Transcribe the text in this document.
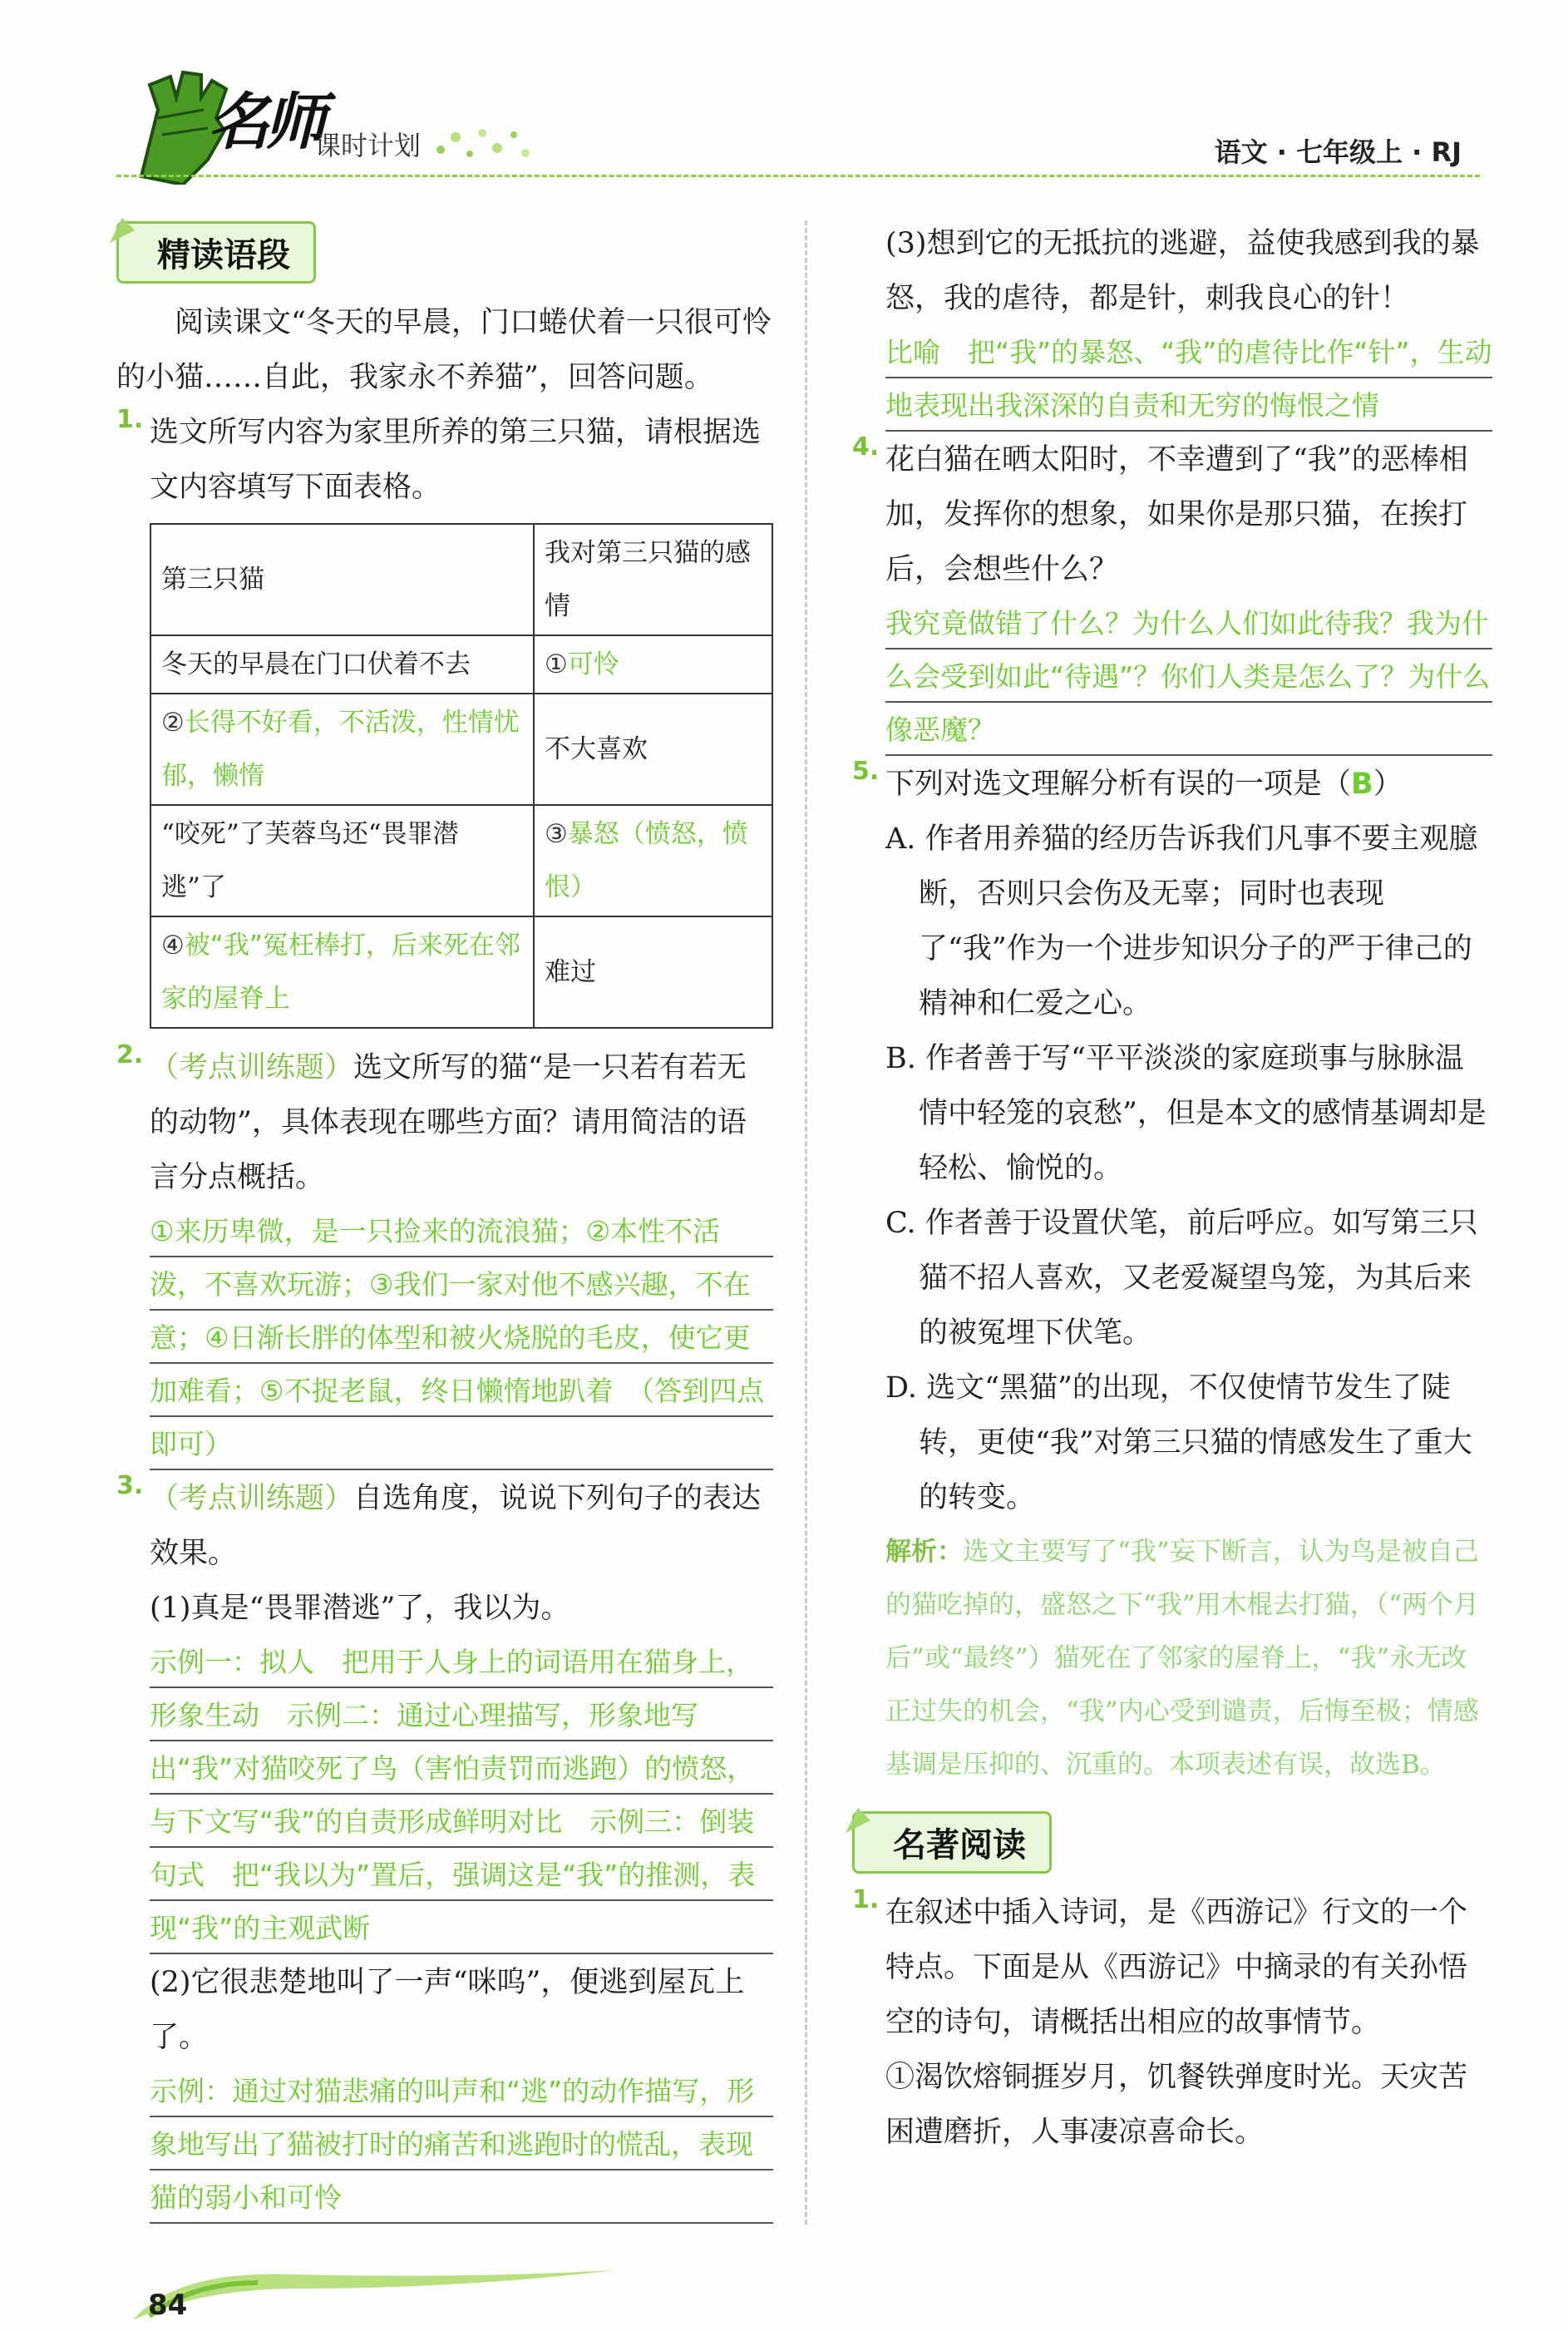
名师
课时计划	语文 · 七年级上 · RJ
精读语段

阅读课文“冬天的早晨，门口蜷伏着一只很可怜的小猫……自此，我家永不养猫”，回答问题。

1. 选文所写内容为家里所养的第三只猫，请根据选文内容填写下面表格。

第三只猫	我对第三只猫的感情
冬天的早晨在门口伏着不去	①可怜
②长得不好看，不活泼，性情忧郁，懒惰	不大喜欢
“咬死”了芙蓉鸟还“畏罪潜逃”了	③暴怒（愤怒，愤恨）
④被“我”冤枉棒打，后来死在邻家的屋脊上	难过
2. （考点训练题）选文所写的猫“是一只若有若无的动物”，具体表现在哪些方面？请用简洁的语言分点概括。

①来历卑微，是一只捡来的流浪猫；②本性不活泼，不喜欢玩游；③我们一家对他不感兴趣，不在意；④日渐长胖的体型和被火烧脱的毛皮，使它更加难看；⑤不捉老鼠，终日懒惰地趴着　（答到四点即可）

3. （考点训练题）自选角度，说说下列句子的表达效果。

(1)真是“畏罪潜逃”了，我以为。

示例一：拟人　把用于人身上的词语用在猫身上，形象生动　示例二：通过心理描写，形象地写出“我”对猫咬死了鸟（害怕责罚而逃跑）的愤怒，与下文写“我”的自责形成鲜明对比　示例三：倒装句式　把“我以为”置后，强调这是“我”的推测，表现“我”的主观武断

(2)它很悲楚地叫了一声“咪呜”，便逃到屋瓦上了。

示例：通过对猫悲痛的叫声和“逃”的动作描写，形象地写出了猫被打时的痛苦和逃跑时的慌乱，表现猫的弱小和可怜

(3)想到它的无抵抗的逃避，益使我感到我的暴怒，我的虐待，都是针，刺我良心的针！

比喻　把“我”的暴怒、“我”的虐待比作“针”，生动地表现出我深深的自责和无穷的悔恨之情

4. 花白猫在晒太阳时，不幸遭到了“我”的恶棒相加，发挥你的想象，如果你是那只猫，在挨打后，会想些什么？

我究竟做错了什么？为什么人们如此待我？我为什么会受到如此“待遇”？你们人类是怎么了？为什么像恶魔？

5. 下列对选文理解分析有误的一项是（B）

A. 作者用养猫的经历告诉我们凡事不要主观臆断，否则只会伤及无辜；同时也表现了“我”作为一个进步知识分子的严于律己的精神和仁爱之心。

B. 作者善于写“平平淡淡的家庭琐事与脉脉温情中轻笼的哀愁”，但是本文的感情基调却是轻松、愉悦的。

C. 作者善于设置伏笔，前后呼应。如写第三只猫不招人喜欢，又老爱凝望鸟笼，为其后来的被冤埋下伏笔。

D. 选文“黑猫”的出现，不仅使情节发生了陡转，更使“我”对第三只猫的情感发生了重大的转变。

解析：选文主要写了“我”妄下断言，认为鸟是被自己的猫吃掉的，盛怒之下“我”用木棍去打猫，（“两个月后”或“最终”）猫死在了邻家的屋脊上，“我”永无改正过失的机会，“我”内心受到谴责，后悔至极；情感基调是压抑的、沉重的。本项表述有误，故选B。

名著阅读
1. 在叙述中插入诗词，是《西游记》行文的一个特点。下面是从《西游记》中摘录的有关孙悟空的诗句，请概括出相应的故事情节。

①渴饮熔铜捱岁月，饥餐铁弹度时光。天灾苦困遭磨折，人事凄凉喜命长。

84
